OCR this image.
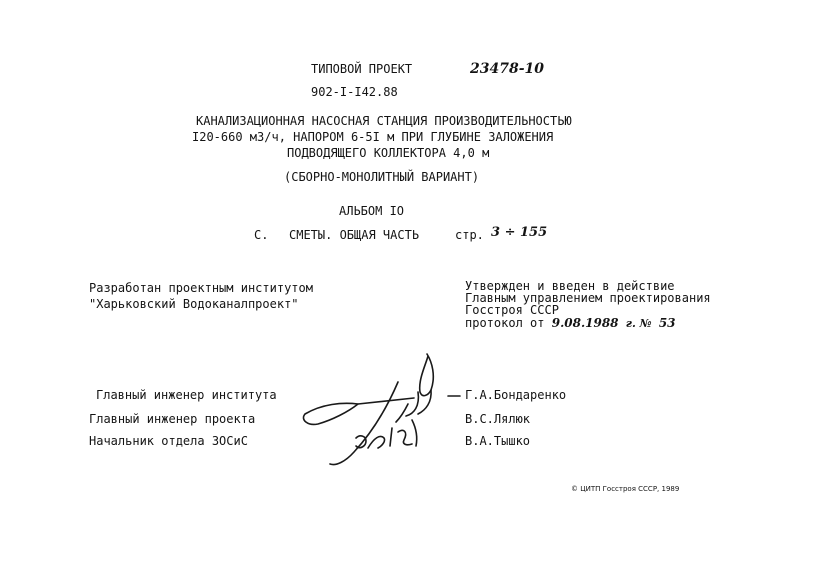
ТИПОВОЙ ПРОЕКТ	23478-10
902-I-I42.88
КАНАЛИЗАЦИОННАЯ НАСОСНАЯ СТАНЦИЯ ПРОИЗВОДИТЕЛЬНОСТЬЮ
I20-660 м3/ч, НАПОРОМ 6-5I м ПРИ ГЛУБИНЕ ЗАЛОЖЕНИЯ
ПОДВОДЯЩЕГО КОЛЛЕКТОРА 4,0 м
(СБОРНО-МОНОЛИТНЫЙ ВАРИАНТ)
АЛЬБОМ IO
С. СМЕТЫ. ОБЩАЯ ЧАСТЬ	стр. 3 ÷ 155
Разработан проектным институтом
"Харьковский Водоканалпроект"
Утвержден и введен в действие
Главным управлением проектирования
Госстроя СССР
протокол от 9.08.1988 г. № 53
Главный инженер института
Главный инженер проекта
Начальник отдела ЗОСиС
Г.А.Бондаренко
В.С.Лялюк
В.А.Тышко
© ЦИТП Госстроя СССР, 1989
